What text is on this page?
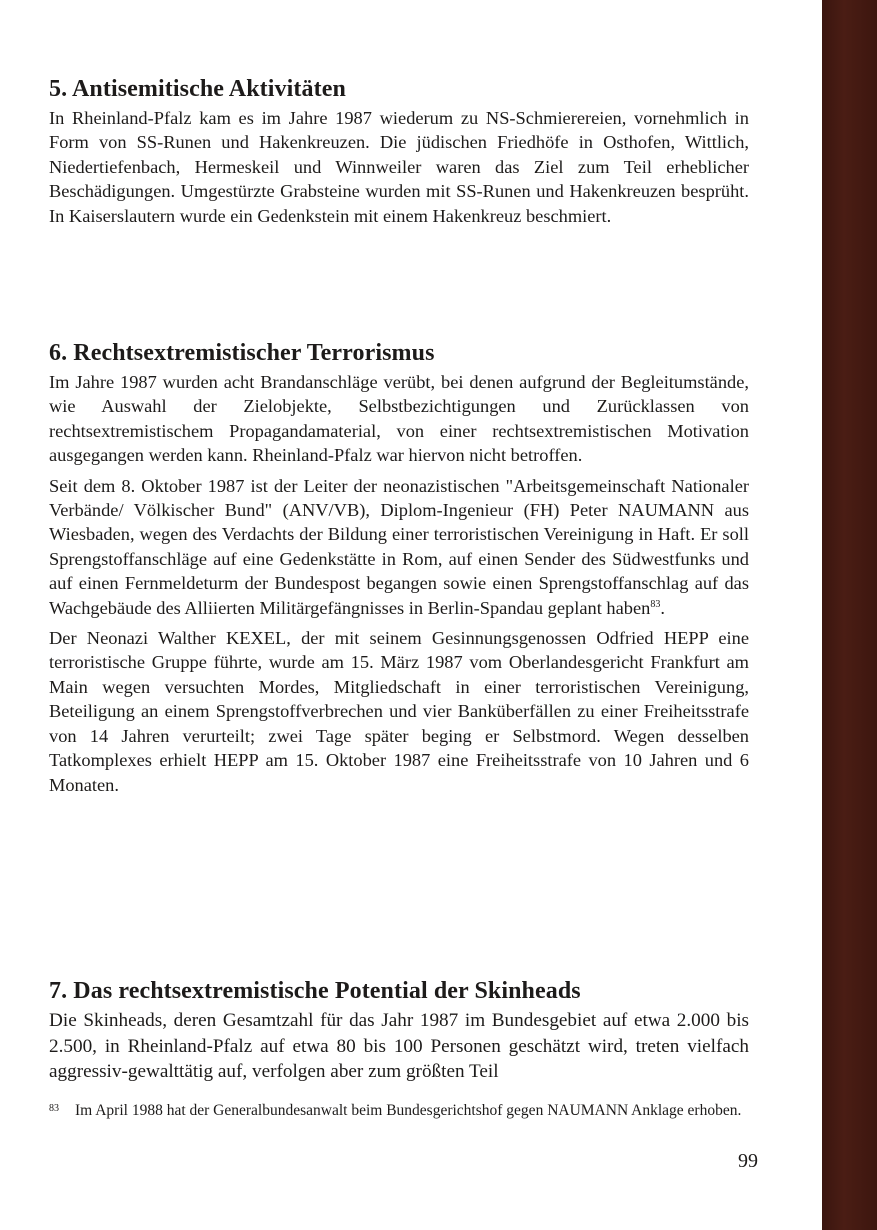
5. Antisemitische Aktivitäten

In Rheinland-Pfalz kam es im Jahre 1987 wiederum zu NS-Schmierereien, vornehmlich in Form von SS-Runen und Hakenkreuzen. Die jüdischen Friedhöfe in Osthofen, Wittlich, Niedertiefenbach, Hermeskeil und Winnweiler waren das Ziel zum Teil erheblicher Beschädigungen. Umgestürzte Grabsteine wurden mit SS-Runen und Hakenkreuzen besprüht. In Kaiserslautern wurde ein Gedenkstein mit einem Hakenkreuz beschmiert.

6. Rechtsextremistischer Terrorismus

Im Jahre 1987 wurden acht Brandanschläge verübt, bei denen aufgrund der Begleitumstände, wie Auswahl der Zielobjekte, Selbstbezichtigungen und Zurücklassen von rechtsextremistischem Propagandamaterial, von einer rechtsextremistischen Motivation ausgegangen werden kann. Rheinland-Pfalz war hiervon nicht betroffen.

Seit dem 8. Oktober 1987 ist der Leiter der neonazistischen "Arbeitsgemeinschaft Nationaler Verbände/ Völkischer Bund" (ANV/VB), Diplom-Ingenieur (FH) Peter NAUMANN aus Wiesbaden, wegen des Verdachts der Bildung einer terroristischen Vereinigung in Haft. Er soll Sprengstoffanschläge auf eine Gedenkstätte in Rom, auf einen Sender des Südwestfunks und auf einen Fernmeldeturm der Bundespost begangen sowie einen Sprengstoffanschlag auf das Wachgebäude des Alliierten Militärgefängnisses in Berlin-Spandau geplant haben$^{83}$.

Der Neonazi Walther KEXEL, der mit seinem Gesinnungsgenossen Odfried HEPP eine terroristische Gruppe führte, wurde am 15. März 1987 vom Oberlandesgericht Frankfurt am Main wegen versuchten Mordes, Mitgliedschaft in einer terroristischen Vereinigung, Beteiligung an einem Sprengstoffverbrechen und vier Banküberfällen zu einer Freiheitsstrafe von 14 Jahren verurteilt; zwei Tage später beging er Selbstmord. Wegen desselben Tatkomplexes erhielt HEPP am 15. Oktober 1987 eine Freiheitsstrafe von 10 Jahren und 6 Monaten.

7. Das rechtsextremistische Potential der Skinheads

Die Skinheads, deren Gesamtzahl für das Jahr 1987 im Bundesgebiet auf etwa 2.000 bis 2.500, in Rheinland-Pfalz auf etwa 80 bis 100 Personen geschätzt wird, treten vielfach aggressiv-gewalttätig auf, verfolgen aber zum größten Teil

83	Im April 1988 hat der Generalbundesanwalt beim Bundesgerichtshof gegen NAUMANN Anklage erhoben.
99
